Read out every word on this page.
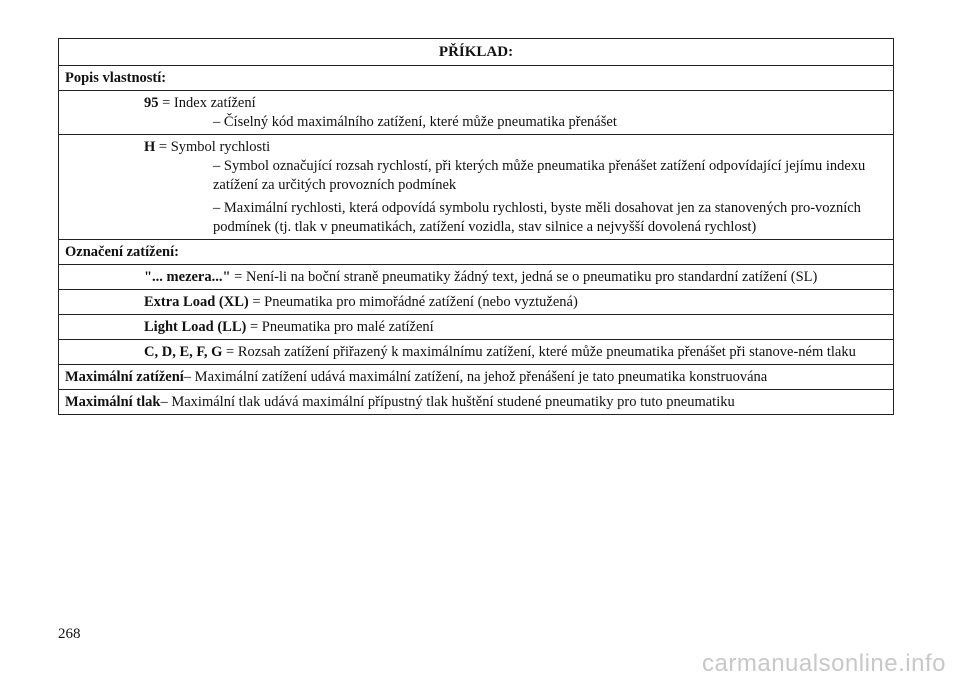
PŘÍKLAD:
Popis vlastností:
95 = Index zatížení

– Číselný kód maximálního zatížení, které může pneumatika přenášet

H = Symbol rychlosti

– Symbol označující rozsah rychlostí, při kterých může pneumatika přenášet zatížení odpovídající jejímu indexu zatížení za určitých provozních podmínek

– Maximální rychlosti, která odpovídá symbolu rychlosti, byste měli dosahovat jen za stanovených pro-vozních podmínek (tj. tlak v pneumatikách, zatížení vozidla, stav silnice a nejvyšší dovolená rychlost)

Označení zatížení:
"... mezera..." = Není-li na boční straně pneumatiky žádný text, jedná se o pneumatiku pro standardní zatížení (SL)
Extra Load (XL) = Pneumatika pro mimořádné zatížení (nebo vyztužená)
Light Load (LL) = Pneumatika pro malé zatížení
C, D, E, F, G = Rozsah zatížení přiřazený k maximálnímu zatížení, které může pneumatika přenášet při stanove-ném tlaku
Maximální zatížení– Maximální zatížení udává maximální zatížení, na jehož přenášení je tato pneumatika konstruována
Maximální tlak– Maximální tlak udává maximální přípustný tlak huštění studené pneumatiky pro tuto pneumatiku
268
carmanualsonline.info
